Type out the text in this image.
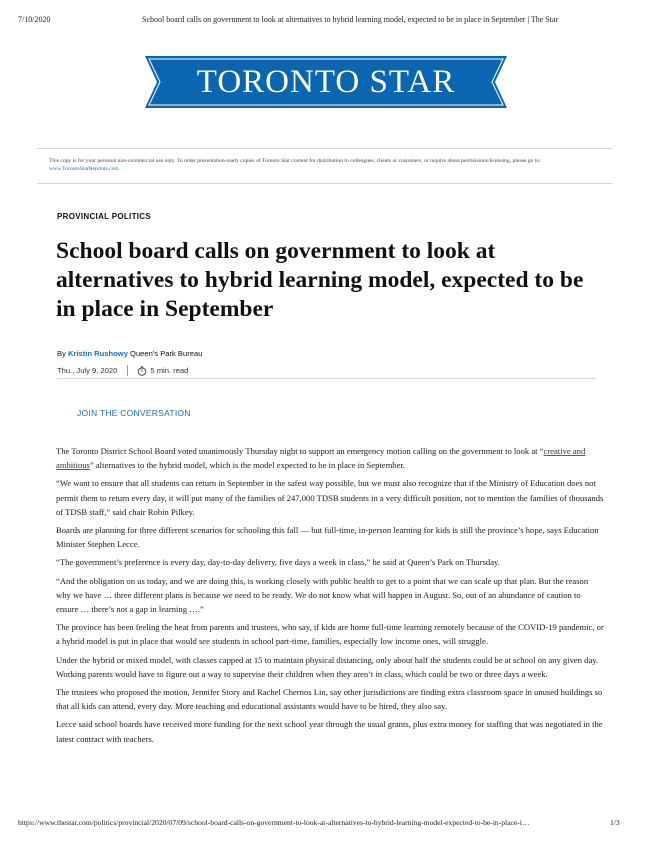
7/10/2020	School board calls on government to look at alternatives to hybrid learning model, expected to be in place in September | The Star
TORONTO STAR
This copy is for your personal non-commercial use only. To order presentation-ready copies of Toronto Star content for distribution to colleagues, clients or customers, or inquire about permissions/licensing, please go to: www.TorontoStarReprints.com
PROVINCIAL POLITICS
School board calls on government to look at alternatives to hybrid learning model, expected to be in place in September
By Kristin Rushowy Queen's Park Bureau
Thu., July 9, 2020	5 min. read
JOIN THE CONVERSATION

The Toronto District School Board voted unanimously Thursday night to support an emergency motion calling on the government to look at “creative and ambitious” alternatives to the hybrid model, which is the model expected to be in place in September.

“We want to ensure that all students can return in September in the safest way possible, but we must also recognize that if the Ministry of Education does not permit them to return every day, it will put many of the families of 247,000 TDSB students in a very difficult position, not to mention the families of thousands of TDSB staff,” said chair Robin Pilkey.

Boards are planning for three different scenarios for schooling this fall — but full-time, in-person learning for kids is still the province’s hope, says Education Minister Stephen Lecce.

“The government’s preference is every day, day-to-day delivery, five days a week in class,” he said at Queen’s Park on Thursday.

“And the obligation on us today, and we are doing this, is working closely with public health to get to a point that we can scale up that plan. But the reason why we have … three different plans is because we need to be ready. We do not know what will happen in August. So, out of an abundance of caution to ensure … there’s not a gap in learning ….”

The province has been feeling the heat from parents and trustees, who say, if kids are home full-time learning remotely because of the COVID-19 pandemic, or a hybrid model is put in place that would see students in school part-time, families, especially low income ones, will struggle.

Under the hybrid or mixed model, with classes capped at 15 to maintain physical distancing, only about half the students could be at school on any given day. Working parents would have to figure out a way to supervise their children when they aren’t in class, which could be two or three days a week.

The trustees who proposed the motion, Jennifer Story and Rachel Chernos Lin, say other jurisdictions are finding extra classroom space in unused buildings so that all kids can attend, every day. More teaching and educational assistants would have to be hired, they also say.

Lecce said school boards have received more funding for the next school year through the usual grants, plus extra money for staffing that was negotiated in the latest contract with teachers.

https://www.thestar.com/politics/provincial/2020/07/09/school-board-calls-on-government-to-look-at-alternatives-to-hybrid-learning-model-expected-to-be-in-place-i…	1/3
